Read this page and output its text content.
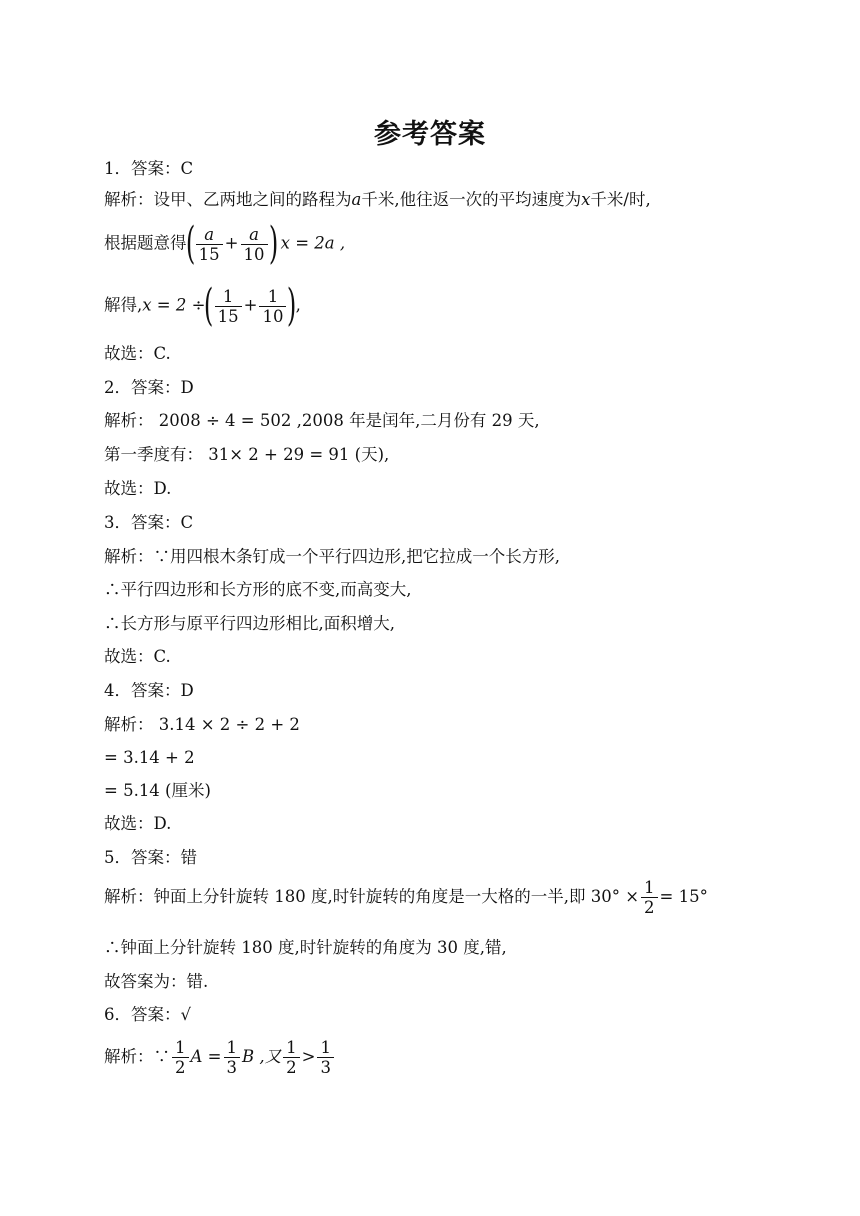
参考答案
1．答案：C
解析：设甲、乙两地之间的路程为a千米,他往返一次的平均速度为x千米/时,
根据题意得( $\frac{a}{15} + \frac{a}{10}$ ) x = 2a ,
解得,x = 2 ÷( $\frac{1}{15} + \frac{1}{10}$ ),
故选：C.
2．答案：D
解析： 2008 ÷ 4 = 502 ,2008 年是闰年,二月份有 29 天,
第一季度有： 31× 2 + 29 = 91 (天),
故选：D.
3．答案：C
解析：∵用四根木条钉成一个平行四边形,把它拉成一个长方形,
∴平行四边形和长方形的底不变,而高变大,
∴长方形与原平行四边形相比,面积增大,
故选：C.
4．答案：D
解析： 3.14 × 2 ÷ 2 + 2
= 3.14 + 2
= 5.14 (厘米)
故选：D.
5．答案：错
解析：钟面上分针旋转 180 度,时针旋转的角度是一大格的一半,即 $30^\circ \times \frac{1}{2} = 15^\circ$
∴钟面上分针旋转 180 度,时针旋转的角度为 30 度,错,
故答案为：错.
6．答案：√
解析：∵ $\frac{1}{2}$ $A = \frac{1}{3}$ B ,又 $\frac{1}{2} > \frac{1}{3}$
